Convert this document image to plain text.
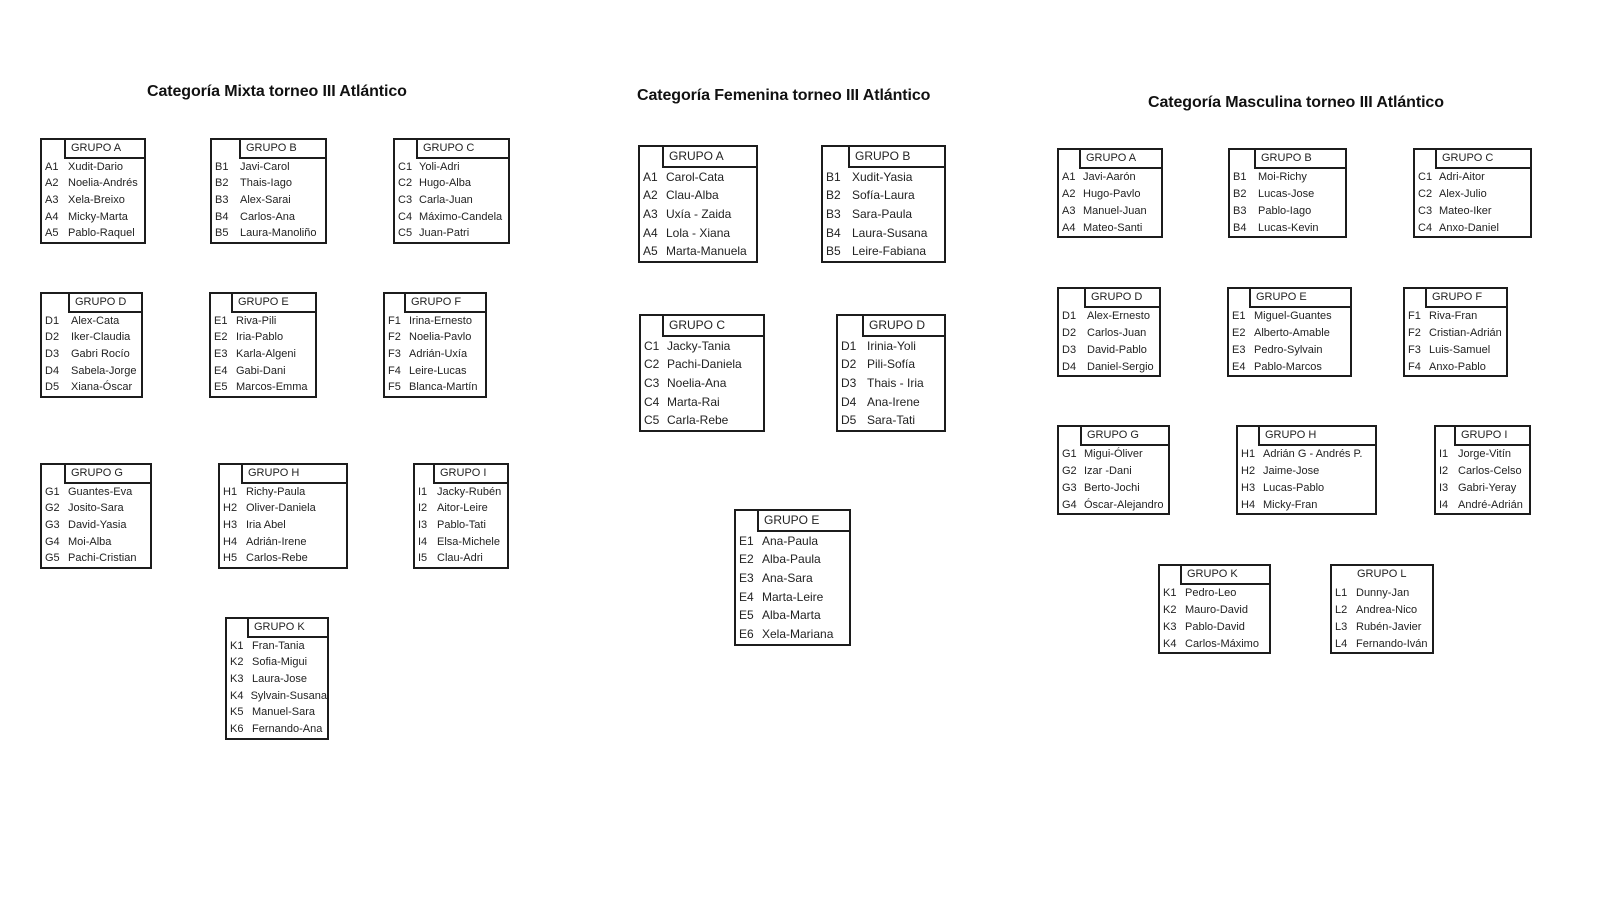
Categoría Mixta torneo III Atlántico	Categoría Femenina torneo III Atlántico	Categoría Masculina torneo III Atlántico
GRUPO A
A1 Xudit-Dario
A2 Noelia-Andrés
A3 Xela-Breixo
A4 Micky-Marta
A5 Pablo-Raquel
GRUPO B
B1	Javi-Carol
B2	Thais-Iago
B3	Alex-Sarai
B4	Carlos-Ana
B5	Laura-Manoliño
GRUPO C
C1 Yoli-Adri
C2 Hugo-Alba
C3 Carla-Juan
C4 Máximo-Candela
C5 Juan-Patri
GRUPO D
D1	Alex-Cata
D2	Iker-Claudia
D3	Gabri Rocío
D4	Sabela-Jorge
D5	Xiana-Óscar
GRUPO E
E1 Riva-Pili
E2 Iria-Pablo
E3 Karla-Algeni
E4 Gabi-Dani
E5 Marcos-Emma
GRUPO F
F1 Irina-Ernesto
F2 Noelia-Pavlo
F3 Adrián-Uxía
F4 Leire-Lucas
F5 Blanca-Martín
GRUPO G
G1 Guantes-Eva
G2 Josito-Sara
G3 David-Yasia
G4 Moi-Alba
G5 Pachi-Cristian
GRUPO H
H1 Richy-Paula
H2 Oliver-Daniela
H3 Iria Abel
H4 Adrián-Irene
H5 Carlos-Rebe
GRUPO I
I1 Jacky-Rubén
I2 Aitor-Leire
I3 Pablo-Tati
I4 Elsa-Michele
I5 Clau-Adri
GRUPO K
K1 Fran-Tania
K2 Sofia-Migui
K3 Laura-Jose
K4 Sylvain-Susana
K5 Manuel-Sara
K6 Fernando-Ana
GRUPO A
A1 Carol-Cata
A2 Clau-Alba
A3 Uxía - Zaida
A4 Lola - Xiana
A5 Marta-Manuela
GRUPO B
B1 Xudit-Yasia
B2 Sofía-Laura
B3 Sara-Paula
B4 Laura-Susana
B5 Leire-Fabiana
GRUPO C
C1 Jacky-Tania
C2 Pachi-Daniela
C3 Noelia-Ana
C4 Marta-Rai
C5 Carla-Rebe
GRUPO D
D1 Irinia-Yoli
D2 Pili-Sofía
D3 Thais - Iria
D4 Ana-Irene
D5 Sara-Tati
GRUPO E
E1 Ana-Paula
E2 Alba-Paula
E3 Ana-Sara
E4 Marta-Leire
E5 Alba-Marta
E6 Xela-Mariana
GRUPO A
A1 Javi-Aarón
A2 Hugo-Pavlo
A3 Manuel-Juan
A4 Mateo-Santi
GRUPO B
B1	Moi-Richy
B2	Lucas-Jose
B3	Pablo-Iago
B4	Lucas-Kevin
GRUPO C
C1 Adri-Aitor
C2 Alex-Julio
C3 Mateo-Iker
C4 Anxo-Daniel
GRUPO D
D1 Alex-Ernesto
D2 Carlos-Juan
D3 David-Pablo
D4 Daniel-Sergio
GRUPO E
E1 Miguel-Guantes
E2 Alberto-Amable
E3 Pedro-Sylvain
E4 Pablo-Marcos
GRUPO F
F1 Riva-Fran
F2 Cristian-Adrián
F3 Luis-Samuel
F4 Anxo-Pablo
GRUPO G
G1 Migui-Óliver
G2 Izar -Dani
G3 Berto-Jochi
G4 Óscar-Alejandro
GRUPO H
H1 Adrián G - Andrés P.
H2 Jaime-Jose
H3 Lucas-Pablo
H4 Micky-Fran
GRUPO I
I1 Jorge-Vitín
I2 Carlos-Celso
I3 Gabri-Yeray
I4 André-Adrián
GRUPO K
K1 Pedro-Leo
K2 Mauro-David
K3 Pablo-David
K4 Carlos-Máximo
GRUPO L
L1 Dunny-Jan
L2 Andrea-Nico
L3 Rubén-Javier
L4 Fernando-Iván
